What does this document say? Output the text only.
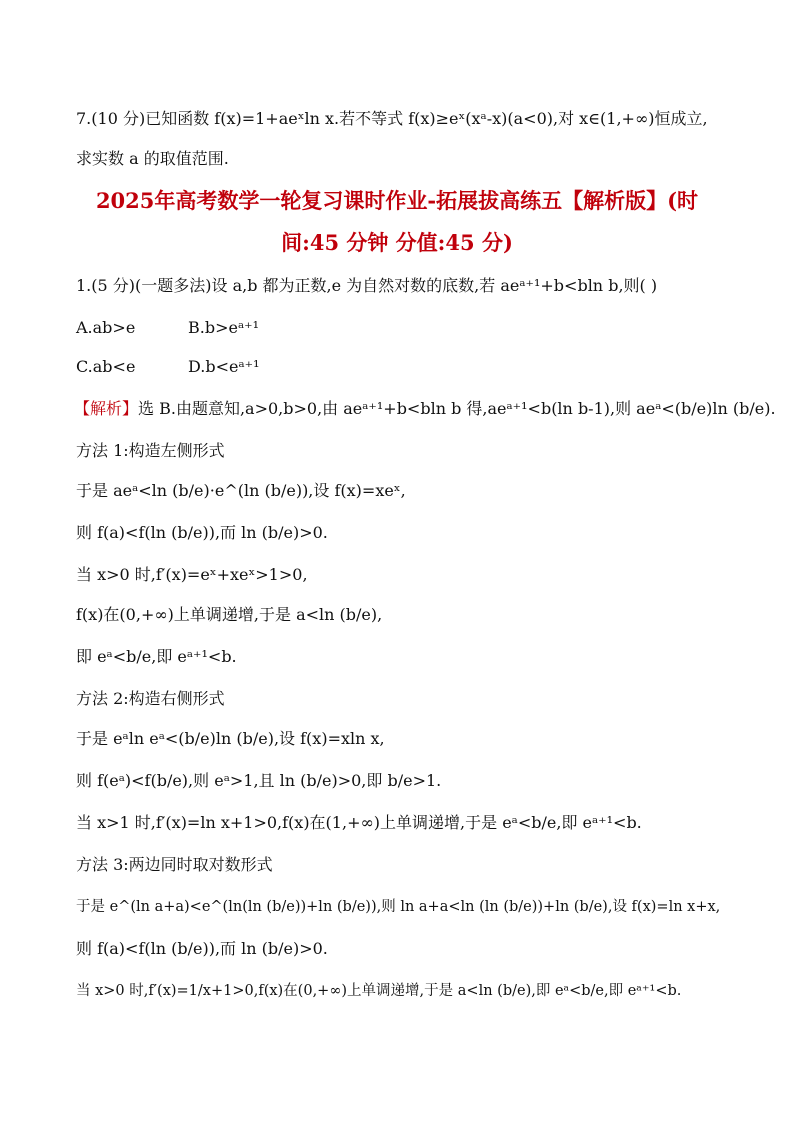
7.(10 分)已知函数 f(x)=1+aeˣln x.若不等式 f(x)≥eˣ(xᵃ-x)(a<0),对 x∈(1,+∞)恒成立,
求实数 a 的取值范围.
2025年高考数学一轮复习课时作业-拓展拔高练五【解析版】(时
间:45 分钟 分值:45 分)
1.(5 分)(一题多法)设 a,b 都为正数,e 为自然对数的底数,若 aeᵃ⁺¹+b<bln b,则( )
A.ab>e	B.b>eᵃ⁺¹
C.ab<e	D.b<eᵃ⁺¹
【解析】选 B.由题意知,a>0,b>0,由 aeᵃ⁺¹+b<bln b 得,aeᵃ⁺¹<b(ln b-1),则 aeᵃ<(b/e)ln (b/e).
方法 1:构造左侧形式
于是 aeᵃ<ln (b/e)·e^(ln (b/e)),设 f(x)=xeˣ,
则 f(a)<f(ln (b/e)),而 ln (b/e)>0.
当 x>0 时,f′(x)=eˣ+xeˣ>1>0,
f(x)在(0,+∞)上单调递增,于是 a<ln (b/e),
即 eᵃ<b/e,即 eᵃ⁺¹<b.
方法 2:构造右侧形式
于是 eᵃln eᵃ<(b/e)ln (b/e),设 f(x)=xln x,
则 f(eᵃ)<f(b/e),则 eᵃ>1,且 ln (b/e)>0,即 b/e>1.
当 x>1 时,f′(x)=ln x+1>0,f(x)在(1,+∞)上单调递增,于是 eᵃ<b/e,即 eᵃ⁺¹<b.
方法 3:两边同时取对数形式
于是 e^(ln a+a)<e^(ln(ln (b/e))+ln (b/e)),则 ln a+a<ln (ln (b/e))+ln (b/e),设 f(x)=ln x+x,
则 f(a)<f(ln (b/e)),而 ln (b/e)>0.
当 x>0 时,f′(x)=1/x+1>0,f(x)在(0,+∞)上单调递增,于是 a<ln (b/e),即 eᵃ<b/e,即 eᵃ⁺¹<b.
